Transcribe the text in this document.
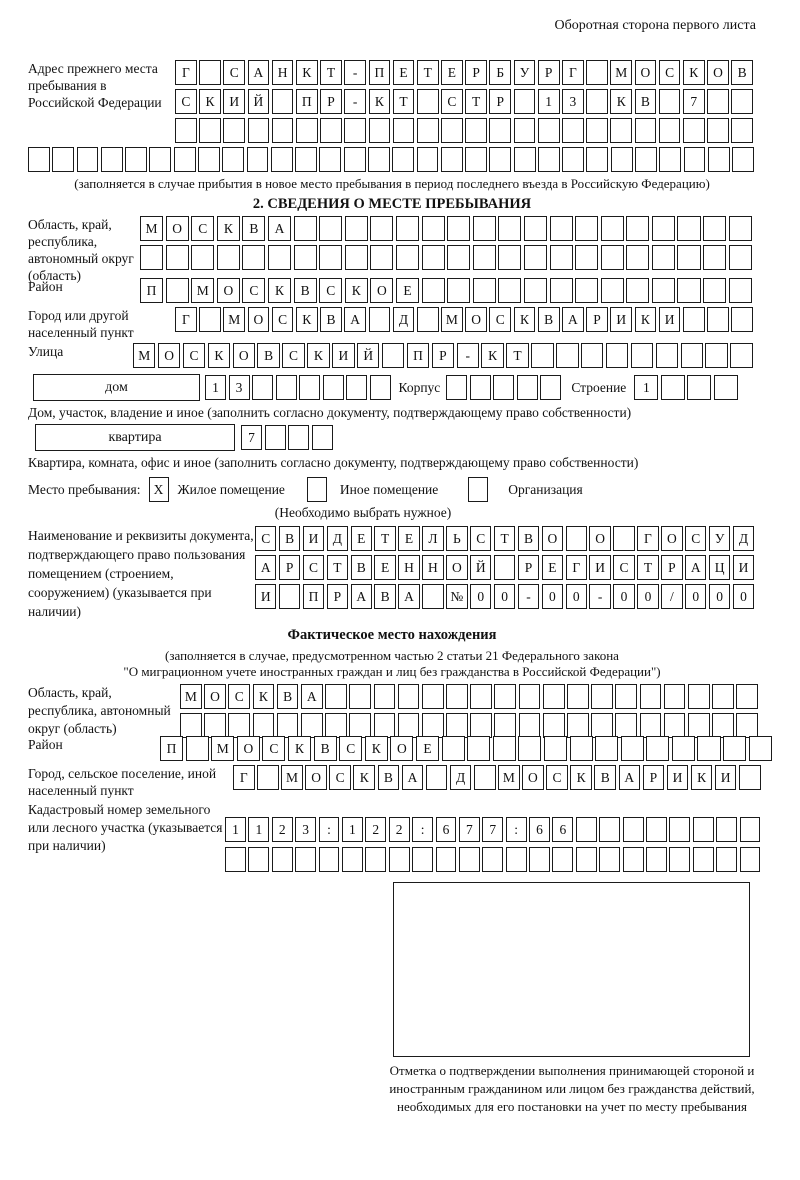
Оборотная сторона первого листа
Адрес прежнего места пребывания в Российской Федерации
Г	С	А	Н	К	Т	-	П	Е	Т	Е	Р	Б	У	Р	Г	М О	С	К	О	В
С	К	И	Й	П	Р	-	К	Т	С	Т	Р	1	3	К	В	7
(заполняется в случае прибытия в новое место пребывания в период последнего въезда в Российскую Федерацию)
2. СВЕДЕНИЯ О МЕСТЕ ПРЕБЫВАНИЯ
Область, край, республика, автономный округ (область)
М	О	С	К	В	А
Район	П	М	О	С	К	В	С	К	О	Е
Город или другой населенный пункт
Г	М О	С	К	В	А	Д	М О	С	К	В	А	Р	И	К	И
Улица	М	О	С	К	О	В	С	К	И	Й	П	Р	-	К	Т
дом	1	3	Корпус	Строение	1
Дом, участок, владение и иное (заполнить согласно документу, подтверждающему право собственности)
квартира	7
Квартира, комната, офис и иное (заполнить согласно документу, подтверждающему право собственности)
Место пребывания: X	Жилое помещение	Иное помещение	Организация
(Необходимо выбрать нужное)
Наименование и реквизиты документа, подтверждающего право пользования помещением (строением, сооружением) (указывается при наличии)
С	В	И	Д	Е	Т	Е	Л	Ь	С	Т	В	О	О	Г	О	С	У	Д
А	Р	С	Т	В	Е	Н	Н	О	Й	Р	Е	Г	И	С	Т	Р	А	Ц	И
И	П	Р	А	В	А	№	0	0	-	0	0	-	0	0	/	0	0	0
Фактическое место нахождения
(заполняется в случае, предусмотренном частью 2 статьи 21 Федерального закона
"О миграционном учете иностранных граждан и лиц без гражданства в Российской Федерации")
Область, край, республика, автономный округ (область)
М О	С	К	В	А
Район	П	М	О	С	К	В	С	К	О	Е
Город, сельское поселение, иной населенный пункт
Г	М О	С	К	В	А	Д	М О	С	К	В	А	Р	И	К	И
Кадастровый номер земельного или лесного участка (указывается при наличии)
1	1	2	3	:	1	2	2	:	6	7	7	:	6	6
Отметка о подтверждении выполнения принимающей стороной и иностранным гражданином или лицом без гражданства действий, необходимых для его постановки на учет по месту пребывания
